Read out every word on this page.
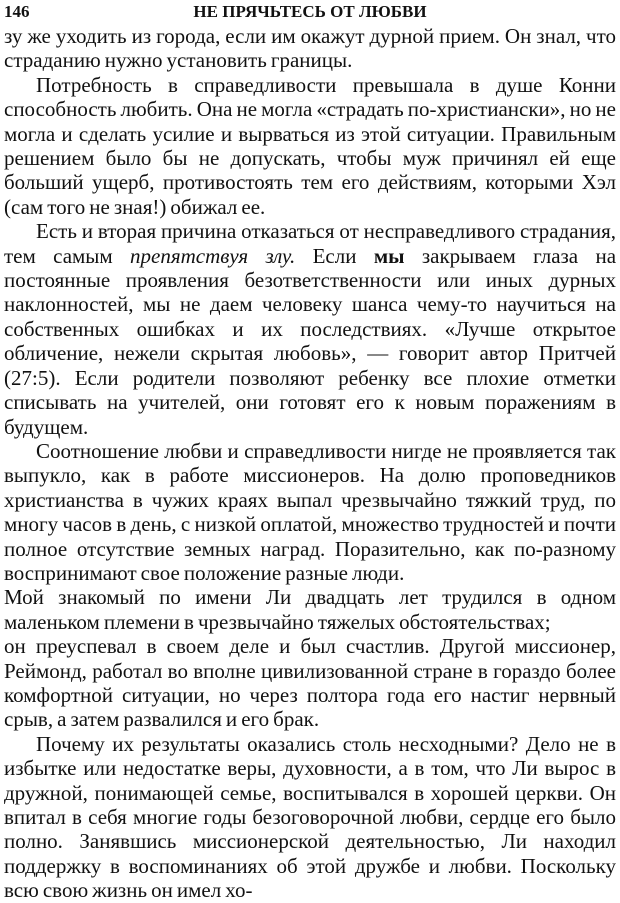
146	НЕ ПРЯЧЬТЕСЬ ОТ ЛЮБВИ

зу же уходить из города, если им окажут дурной прием. Он знал, что страданию нужно установить границы.

Потребность в справедливости превышала в душе Конни способность любить. Она не могла «страдать по-христиански», но не могла и сделать усилие и вырваться из этой ситуации. Правильным решением было бы не допускать, чтобы муж причинял ей еще больший ущерб, противостоять тем его действиям, которыми Хэл (сам того не зная!) обижал ее.

Есть и вторая причина отказаться от несправедливого страдания, тем самым препятствуя злу. Если мы закрываем глаза на постоянные проявления безответственности или иных дурных наклонностей, мы не даем человеку шанса чему-то научиться на собственных ошибках и их последствиях. «Лучше открытое обличение, нежели скрытая любовь», — говорит автор Притчей (27:5). Если родители позволяют ребенку все плохие отметки списывать на учителей, они готовят его к новым поражениям в будущем.

Соотношение любви и справедливости нигде не проявляется так выпукло, как в работе миссионеров. На долю проповедников христианства в чужих краях выпал чрезвычайно тяжкий труд, по многу часов в день, с низкой оплатой, множество трудностей и почти полное отсутствие земных наград. Поразительно, как по-разному воспринимают свое положение разные люди.

Мой знакомый по имени Ли двадцать лет трудился в одном маленьком племени в чрезвычайно тяжелых обстоятельствах;

он преуспевал в своем деле и был счастлив. Другой миссионер, Реймонд, работал во вполне цивилизованной стране в гораздо более комфортной ситуации, но через полтора года его настиг нервный срыв, а затем развалился и его брак.

Почему их результаты оказались столь несходными? Дело не в избытке или недостатке веры, духовности, а в том, что Ли вырос в дружной, понимающей семье, воспитывался в хорошей церкви. Он впитал в себя многие годы безоговорочной любви, сердце его было полно. Занявшись миссионерской деятельностью, Ли находил поддержку в воспоминаниях об этой дружбе и любви. Поскольку всю свою жизнь он имел хо-
